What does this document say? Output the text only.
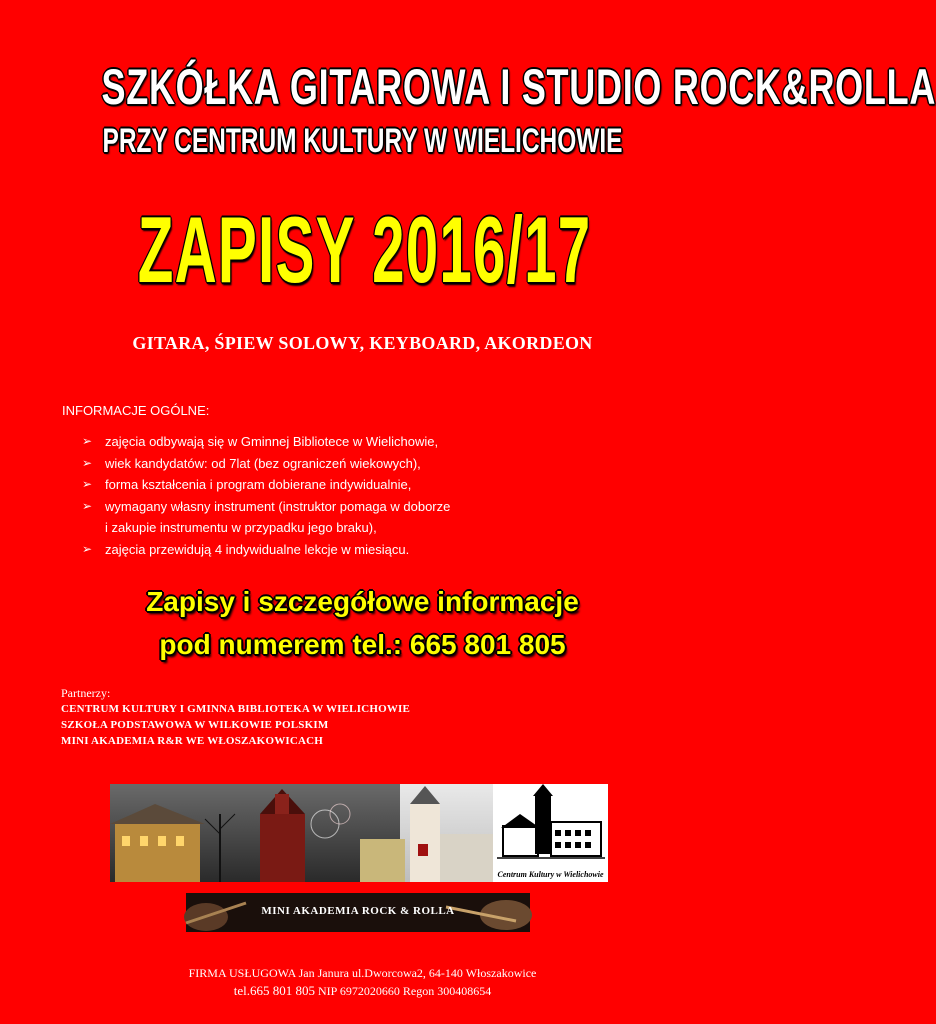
SZKÓŁKA GITAROWA I STUDIO ROCK&ROLLA
PRZY CENTRUM KULTURY W WIELICHOWIE
ZAPISY 2016/17
GITARA, ŚPIEW SOLOWY, KEYBOARD, AKORDEON
INFORMACJE OGÓLNE:
➢ zajęcia odbywają się w Gminnej Bibliotece w Wielichowie,
➢ wiek kandydatów: od 7lat (bez ograniczeń wiekowych),
➢ forma kształcenia i program dobierane indywidualnie,
➢ wymagany własny instrument (instruktor pomaga w doborze
i zakupie instrumentu w przypadku jego braku),
➢ zajęcia przewidują 4 indywidualne lekcje w miesiącu.
Zapisy i szczegółowe informacje
pod numerem tel.: 665 801 805
Partnerzy:
CENTRUM KULTURY I GMINNA BIBLIOTEKA W WIELICHOWIE
SZKOŁA PODSTAWOWA W WILKOWIE POLSKIM
MINI AKADEMIA R&R WE WŁOSZAKOWICACH
Centrum Kultury w Wielichowie
MINI AKADEMIA ROCK & ROLLA
FIRMA USŁUGOWA Jan Janura ul.Dworcowa2, 64-140 Włoszakowice
tel.665 801 805 NIP 6972020660 Regon 300408654
